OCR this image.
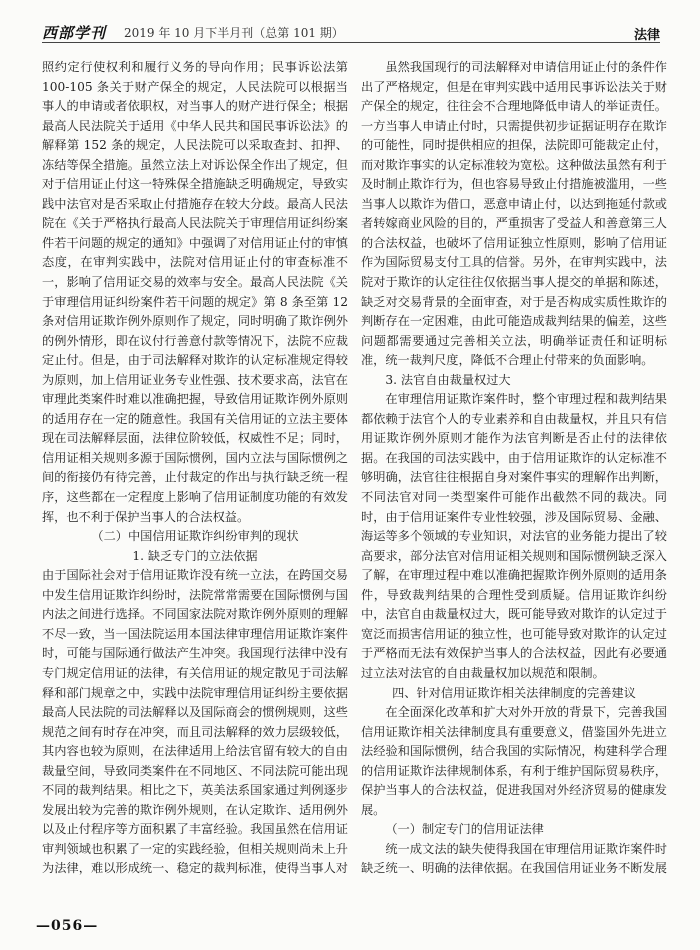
西部学刊 2019 年 10 月下半月刊（总第 101 期）	法律

照约定行使权利和履行义务的导向作用；民事诉讼法第 100-105 条关于财产保全的规定，人民法院可以根据当事人的申请或者依职权，对当事人的财产进行保全；根据最高人民法院关于适用《中华人民共和国民事诉讼法》的解释第 152 条的规定，人民法院可以采取查封、扣押、冻结等保全措施。虽然立法上对诉讼保全作出了规定，但对于信用证止付这一特殊保全措施缺乏明确规定，导致实践中法官对是否采取止付措施存在较大分歧。最高人民法院在《关于严格执行最高人民法院关于审理信用证纠纷案件若干问题的规定的通知》中强调了对信用证止付的审慎态度，在审判实践中，法院对信用证止付的审查标准不一，影响了信用证交易的效率与安全。最高人民法院《关于审理信用证纠纷案件若干问题的规定》第 8 条至第 12 条对信用证欺诈例外原则作了规定，同时明确了欺诈例外的例外情形，即在议付行善意付款等情况下，法院不应裁定止付。但是，由于司法解释对欺诈的认定标准规定得较为原则，加上信用证业务专业性强、技术要求高，法官在审理此类案件时难以准确把握，导致信用证欺诈例外原则的适用存在一定的随意性。我国有关信用证的立法主要体现在司法解释层面，法律位阶较低，权威性不足；同时，信用证相关规则多源于国际惯例，国内立法与国际惯例之间的衔接仍有待完善，止付裁定的作出与执行缺乏统一程序，这些都在一定程度上影响了信用证制度功能的有效发挥，也不利于保护当事人的合法权益。

（二）中国信用证欺诈纠纷审判的现状

1. 缺乏专门的立法依据

由于国际社会对于信用证欺诈没有统一立法，在跨国交易中发生信用证欺诈纠纷时，法院常常需要在国际惯例与国内法之间进行选择。不同国家法院对欺诈例外原则的理解不尽一致，当一国法院运用本国法律审理信用证欺诈案件时，可能与国际通行做法产生冲突。我国现行法律中没有专门规定信用证的法律，有关信用证的规定散见于司法解释和部门规章之中，实践中法院审理信用证纠纷主要依据最高人民法院的司法解释以及国际商会的惯例规则，这些规范之间有时存在冲突，而且司法解释的效力层级较低，其内容也较为原则，在法律适用上给法官留有较大的自由裁量空间，导致同类案件在不同地区、不同法院可能出现不同的裁判结果。相比之下，英美法系国家通过判例逐步发展出较为完善的欺诈例外规则，在认定欺诈、适用例外以及止付程序等方面积累了丰富经验。我国虽然在信用证审判领域也积累了一定的实践经验，但相关规则尚未上升为法律，难以形成统一、稳定的裁判标准，使得当事人对

虽然我国现行的司法解释对申请信用证止付的条件作出了严格规定，但是在审判实践中适用民事诉讼法关于财产保全的规定，往往会不合理地降低申请人的举证责任。一方当事人申请止付时，只需提供初步证据证明存在欺诈的可能性，同时提供相应的担保，法院即可能裁定止付，而对欺诈事实的认定标准较为宽松。这种做法虽然有利于及时制止欺诈行为，但也容易导致止付措施被滥用，一些当事人以欺诈为借口，恶意申请止付，以达到拖延付款或者转嫁商业风险的目的，严重损害了受益人和善意第三人的合法权益，也破坏了信用证独立性原则，影响了信用证作为国际贸易支付工具的信誉。另外，在审判实践中，法院对于欺诈的认定往往仅依据当事人提交的单据和陈述，缺乏对交易背景的全面审查，对于是否构成实质性欺诈的判断存在一定困难，由此可能造成裁判结果的偏差，这些问题都需要通过完善相关立法，明确举证责任和证明标准，统一裁判尺度，降低不合理止付带来的负面影响。

3. 法官自由裁量权过大

在审理信用证欺诈案件时，整个审理过程和裁判结果都依赖于法官个人的专业素养和自由裁量权，并且只有信用证欺诈例外原则才能作为法官判断是否止付的法律依据。在我国的司法实践中，由于信用证欺诈的认定标准不够明确，法官往往根据自身对案件事实的理解作出判断，不同法官对同一类型案件可能作出截然不同的裁决。同时，由于信用证案件专业性较强，涉及国际贸易、金融、海运等多个领域的专业知识，对法官的业务能力提出了较高要求，部分法官对信用证相关规则和国际惯例缺乏深入了解，在审理过程中难以准确把握欺诈例外原则的适用条件，导致裁判结果的合理性受到质疑。信用证欺诈纠纷中，法官自由裁量权过大，既可能导致对欺诈的认定过于宽泛而损害信用证的独立性，也可能导致对欺诈的认定过于严格而无法有效保护当事人的合法权益，因此有必要通过立法对法官的自由裁量权加以规范和限制。

四、针对信用证欺诈相关法律制度的完善建议

在全面深化改革和扩大对外开放的背景下，完善我国信用证欺诈相关法律制度具有重要意义，借鉴国外先进立法经验和国际惯例，结合我国的实际情况，构建科学合理的信用证欺诈法律规制体系，有利于维护国际贸易秩序，保护当事人的合法权益，促进我国对外经济贸易的健康发展。

（一）制定专门的信用证法律

统一成文法的缺失使得我国在审理信用证欺诈案件时缺乏统一、明确的法律依据。在我国信用证业务不断发展

—056—
